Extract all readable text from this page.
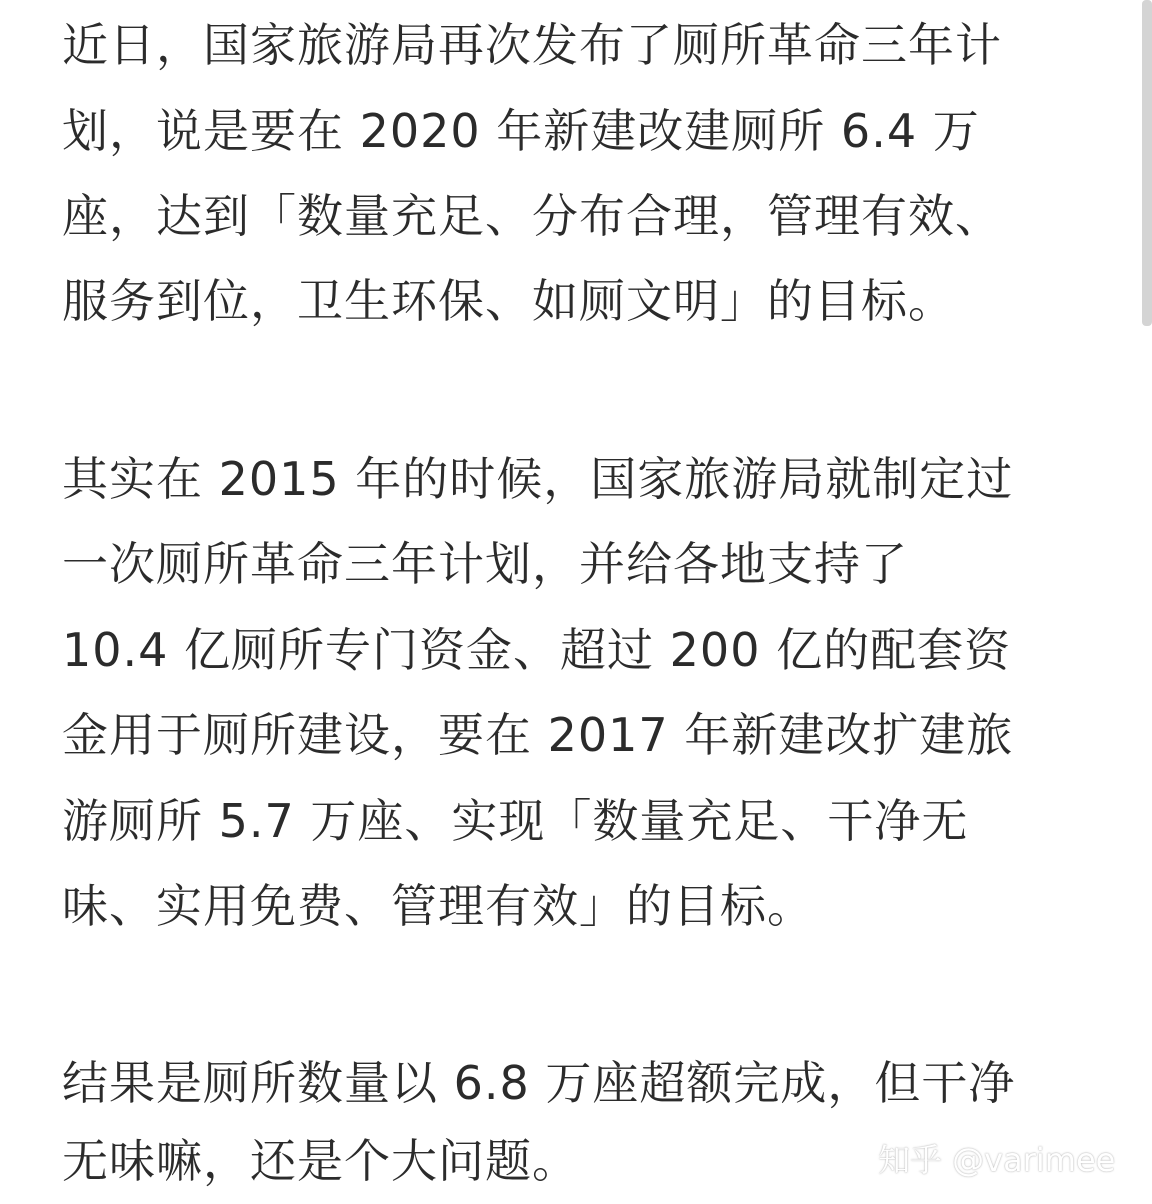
近日，国家旅游局再次发布了厕所革命三年计
划，说是要在 2020 年新建改建厕所 6.4 万
座，达到「数量充足、分布合理，管理有效、
服务到位，卫生环保、如厕文明」的目标。
其实在 2015 年的时候，国家旅游局就制定过
一次厕所革命三年计划，并给各地支持了
10.4 亿厕所专门资金、超过 200 亿的配套资
金用于厕所建设，要在 2017 年新建改扩建旅
游厕所 5.7 万座、实现「数量充足、干净无
味、实用免费、管理有效」的目标。
结果是厕所数量以 6.8 万座超额完成，但干净
无味嘛，还是个大问题。	知乎 @varimee
